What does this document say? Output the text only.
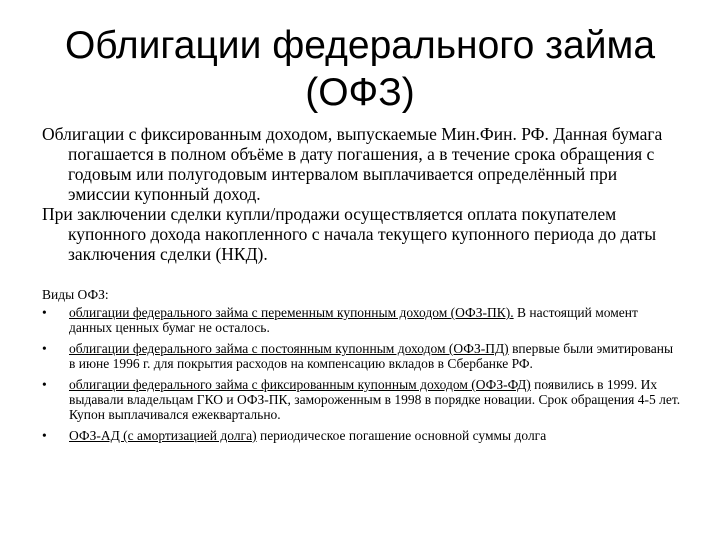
Облигации федерального займа
(ОФЗ)

Облигации с фиксированным доходом, выпускаемые Мин.Фин. РФ. Данная бумага погашается в полном объёме в дату погашения, а в течение срока обращения с годовым или полугодовым интервалом выплачивается определённый при эмиссии купонный доход.

При заключении сделки купли/продажи осуществляется оплата покупателем купонного дохода накопленного с начала текущего купонного периода до даты заключения сделки (НКД).

Виды ОФЗ:
• облигации федерального займа с переменным купонным доходом (ОФЗ-ПК). В настоящий момент данных ценных бумаг не осталось.
• облигации федерального займа с постоянным купонным доходом (ОФЗ-ПД) впервые были эмитированы в июне 1996 г. для покрытия расходов на компенсацию вкладов в Сбербанке РФ.
• облигации федерального займа с фиксированным купонным доходом (ОФЗ-ФД) появились в 1999. Их выдавали владельцам ГКО и ОФЗ-ПК, замороженным в 1998 в порядке новации. Срок обращения 4-5 лет. Купон выплачивался ежеквартально.
• ОФЗ-АД (с амортизацией долга) периодическое погашение основной суммы долга
